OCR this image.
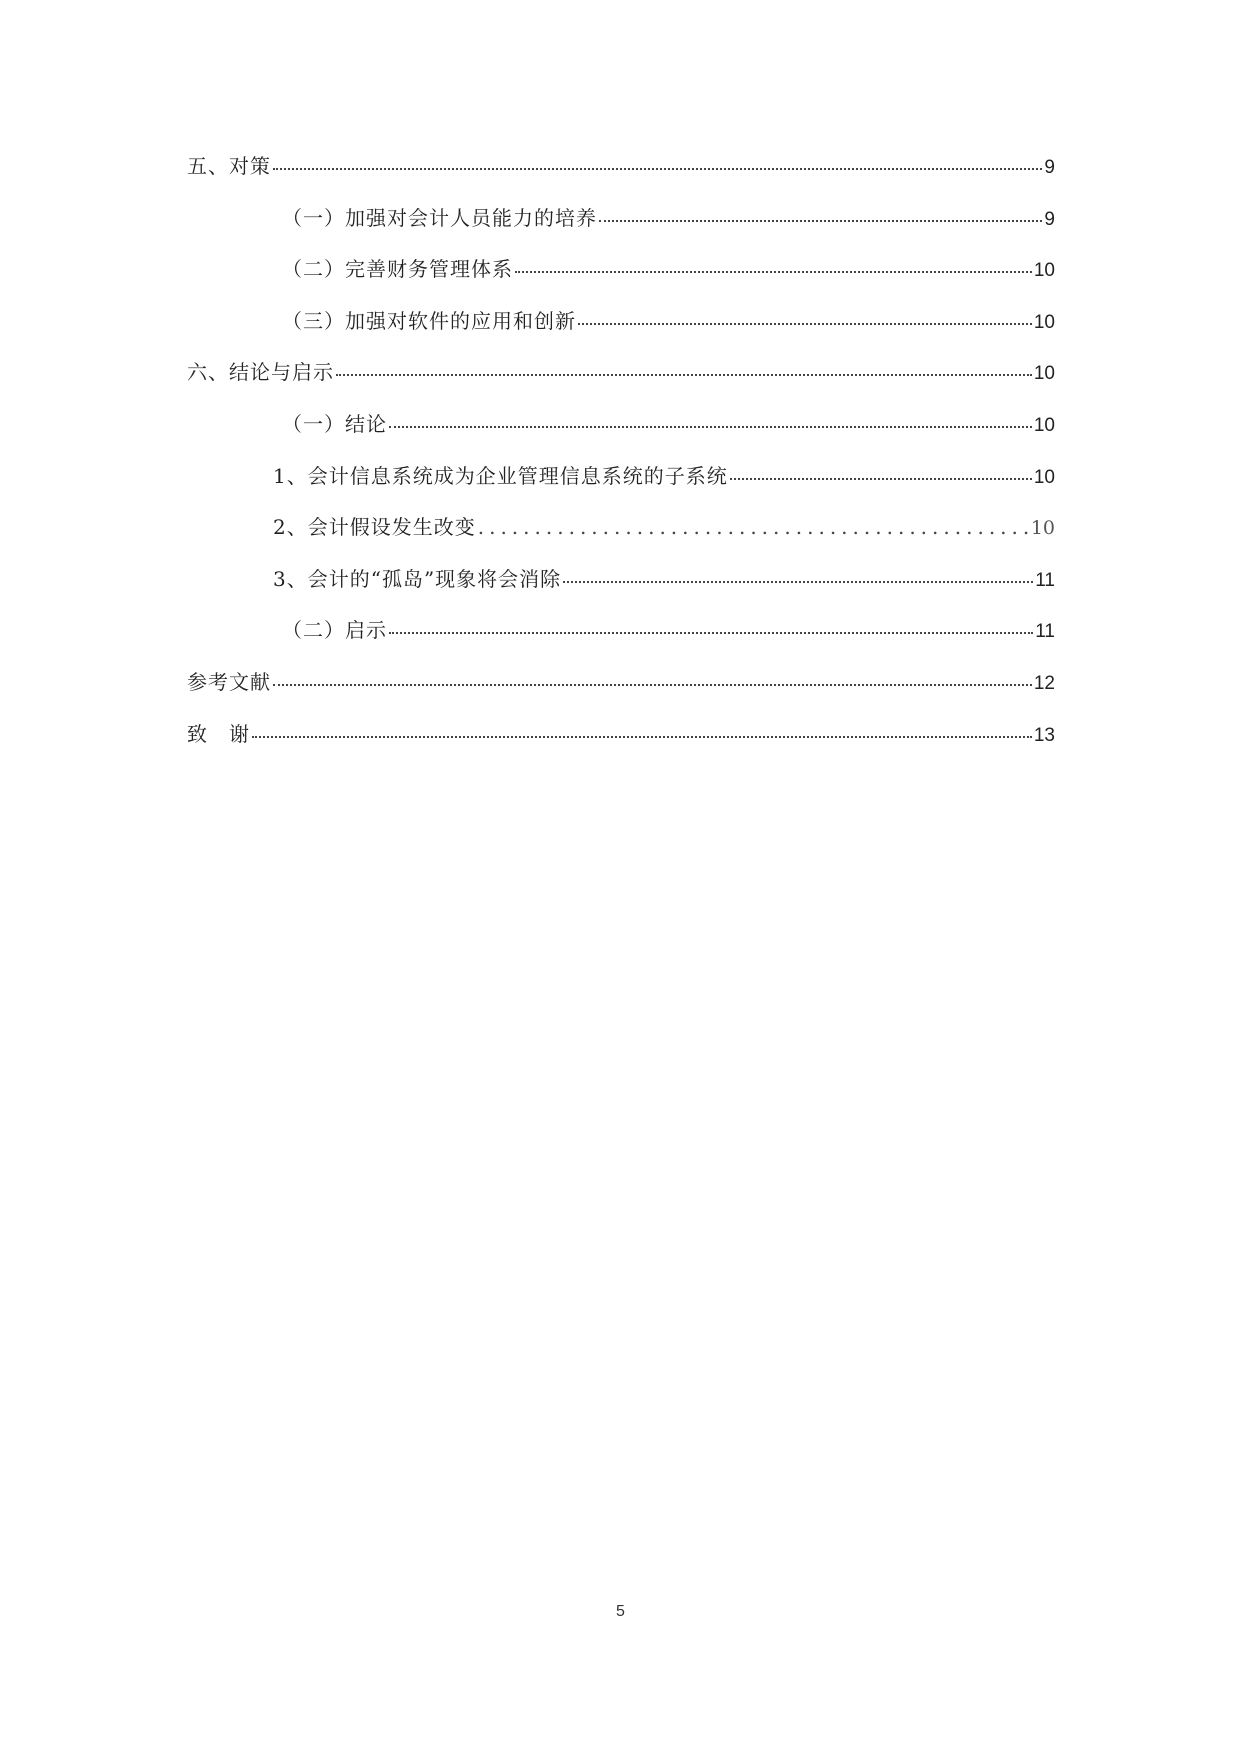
五、对策	9
（一）加强对会计人员能力的培养	9
（二）完善财务管理体系	10
（三）加强对软件的应用和创新	10
六、结论与启示	10
（一）结论	10
1、会计信息系统成为企业管理信息系统的子系统	10
2、会计假设发生改变 .....	10
3、会计的“孤岛”现象将会消除	11
（二）启示	11
参考文献	12
致　谢	13
5
